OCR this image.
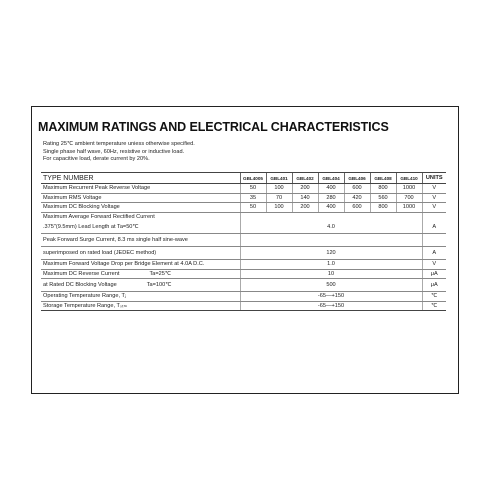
MAXIMUM RATINGS AND ELECTRICAL CHARACTERISTICS
Rating 25℃ ambient temperature uniess otherwise specified.
Single phase half wave, 60Hz, resistive or inductive load.
For capacitive load, derate current by 20%.
TYPE NUMBER	GBL4005	GBL401	GBL402	GBL404	GBL406	GBL408	GBL410	UNITS
Maximum Recurrent Peak Reverse Voltage	50	100	200	400	600	800	1000	V
Maximum RMS Voltage	35	70	140	280	420	560	700	V
Maximum DC Blocking Voltage	50	100	200	400	600	800	1000	V
Maximum Average Forward Rectified Current								
.375"(9.5mm) Lead Length at Ta=50℃	4.0							A
Peak Forward Surge Current, 8.3 ms single half sine-wave								
superimposed on rated load (JEDEC method)	120							A
Maximum Forward Voltage Drop per Bridge Element at 4.0A D.C.	1.0							V
Maximum DC Reverse Current Ta=25℃	10							μA
at Rated DC Blocking Voltage Ta=100℃	500							μA
Operating Temperature Range, Tⱼ	-65—+150							℃
Storage Temperature Range, Tₛₜₘ	-65—+150							℃
